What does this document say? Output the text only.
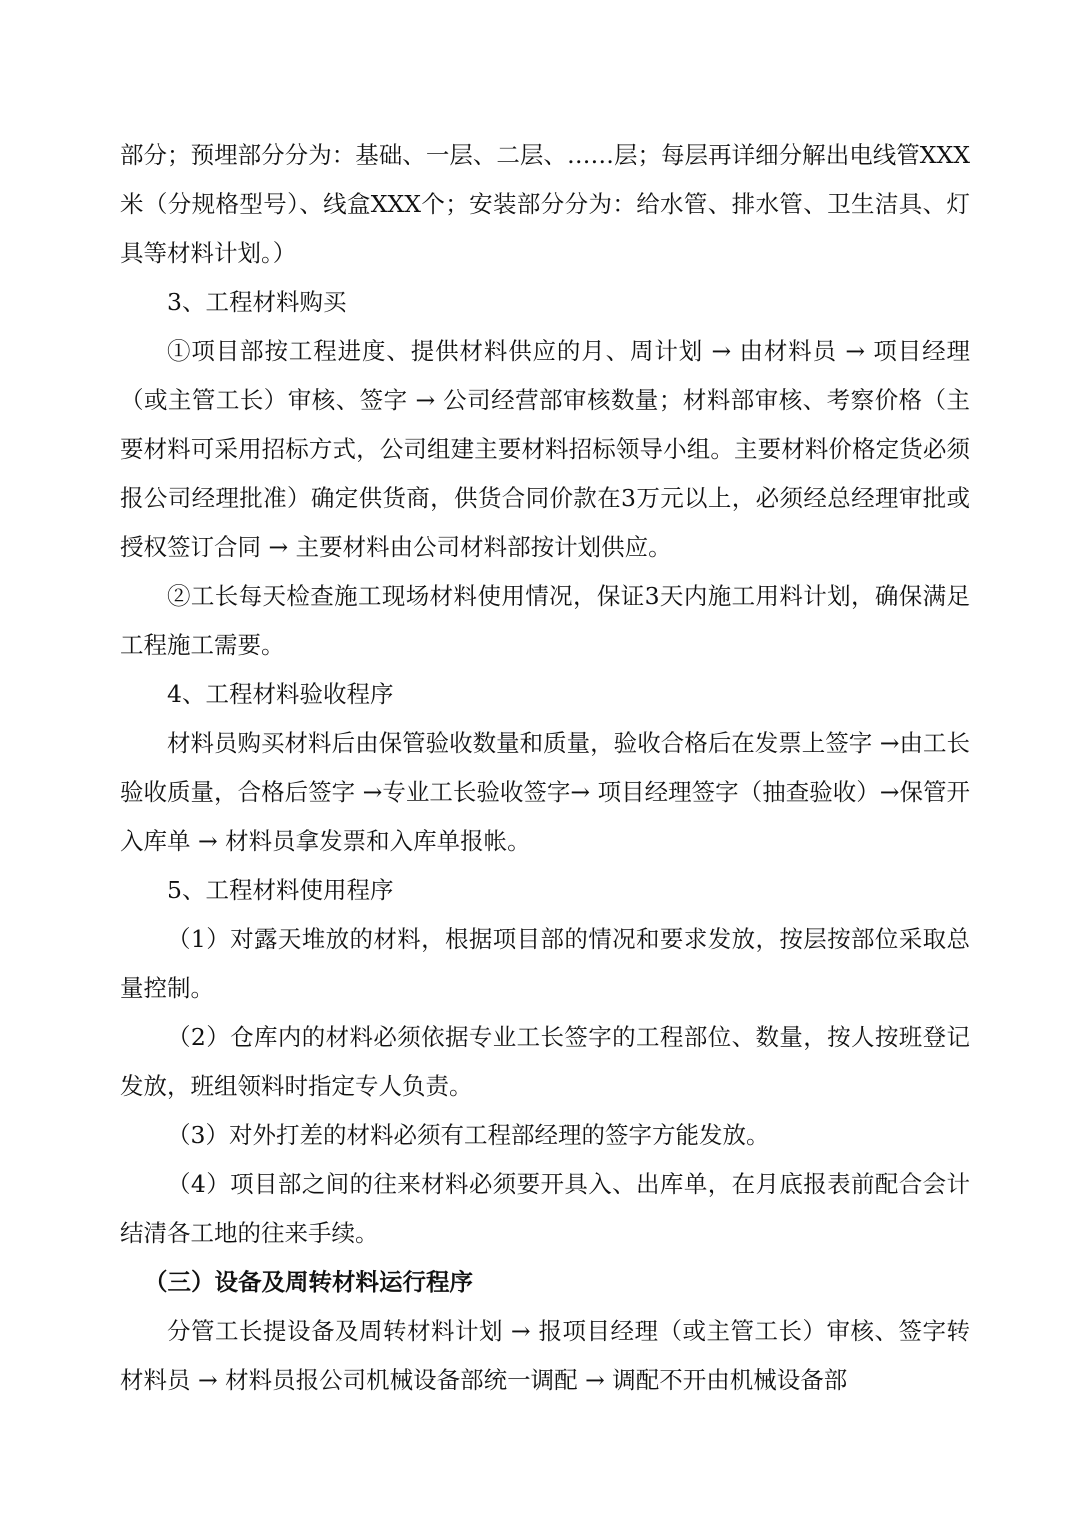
部分；预埋部分分为：基础、一层、二层、……层；每层再详细分解出电线管XXX米（分规格型号）、线盒XXX个；安装部分分为：给水管、排水管、卫生洁具、灯具等材料计划。）

3、工程材料购买

①项目部按工程进度、提供材料供应的月、周计划 → 由材料员 → 项目经理（或主管工长）审核、签字 → 公司经营部审核数量；材料部审核、考察价格（主要材料可采用招标方式，公司组建主要材料招标领导小组。主要材料价格定货必须报公司经理批准）确定供货商，供货合同价款在3万元以上，必须经总经理审批或授权签订合同 → 主要材料由公司材料部按计划供应。

②工长每天检查施工现场材料使用情况，保证3天内施工用料计划，确保满足工程施工需要。

4、工程材料验收程序

材料员购买材料后由保管验收数量和质量，验收合格后在发票上签字 →由工长验收质量，合格后签字 →专业工长验收签字→ 项目经理签字（抽查验收）→保管开入库单 → 材料员拿发票和入库单报帐。

5、工程材料使用程序

（1）对露天堆放的材料，根据项目部的情况和要求发放，按层按部位采取总量控制。

（2）仓库内的材料必须依据专业工长签字的工程部位、数量，按人按班登记发放，班组领料时指定专人负责。

（3）对外打差的材料必须有工程部经理的签字方能发放。

（4）项目部之间的往来材料必须要开具入、出库单，在月底报表前配合会计结清各工地的往来手续。

（三）设备及周转材料运行程序

分管工长提设备及周转材料计划 → 报项目经理（或主管工长）审核、签字转材料员 → 材料员报公司机械设备部统一调配 → 调配不开由机械设备部
